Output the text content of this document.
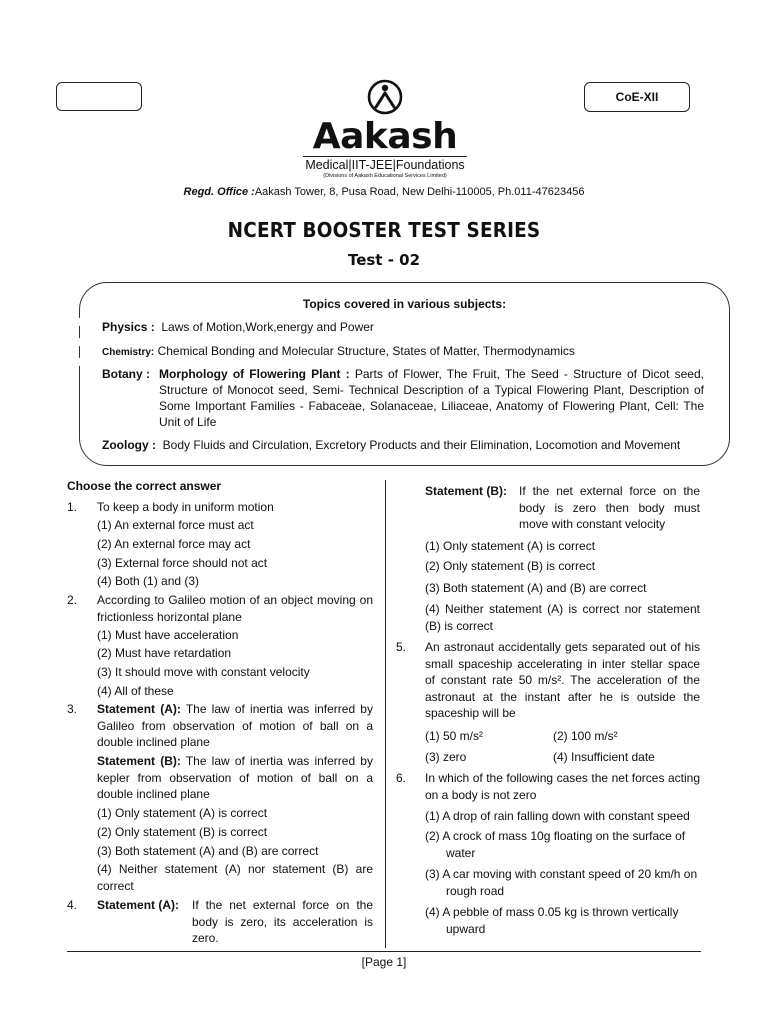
CoE-XII
Aakash
Medical|IIT-JEE|Foundations
(Divisions of Aakash Educational Services Limited)
Regd. Office :Aakash Tower, 8, Pusa Road, New Delhi-110005, Ph.011-47623456
NCERT BOOSTER TEST SERIES
Test - 02
Topics covered in various subjects:
Physics : Laws of Motion,Work,energy and Power
Chemistry: Chemical Bonding and Molecular Structure, States of Matter, Thermodynamics
Botany : Morphology of Flowering Plant : Parts of Flower, The Fruit, The Seed - Structure of Dicot seed, Structure of Monocot seed, Semi- Technical Description of a Typical Flowering Plant, Description of Some Important Families - Fabaceae, Solanaceae, Liliaceae, Anatomy of Flowering Plant, Cell: The Unit of Life
Zoology : Body Fluids and Circulation, Excretory Products and their Elimination, Locomotion and Movement
Choose the correct answer
1. To keep a body in uniform motion
(1) An external force must act
(2) An external force may act
(3) External force should not act
(4) Both (1) and (3)
2. According to Galileo motion of an object moving on frictionless horizontal plane
(1) Must have acceleration
(2) Must have retardation
(3) It should move with constant velocity
(4) All of these
3. Statement (A): The law of inertia was inferred by Galileo from observation of motion of ball on a double inclined plane
Statement (B): The law of inertia was inferred by kepler from observation of motion of ball on a double inclined plane
(1) Only statement (A) is correct
(2) Only statement (B) is correct
(3) Both statement (A) and (B) are correct
(4) Neither statement (A) nor statement (B) are correct
4. Statement (A): If the net external force on the body is zero, its acceleration is zero.
Statement (B): If the net external force on the body is zero then body must move with constant velocity
(1) Only statement (A) is correct
(2) Only statement (B) is correct
(3) Both statement (A) and (B) are correct
(4) Neither statement (A) is correct nor statement (B) is correct
5. An astronaut accidentally gets separated out of his small spaceship accelerating in inter stellar space of constant rate 50 m/s². The acceleration of the astronaut at the instant after he is outside the spaceship will be
(1) 50 m/s²	(2) 100 m/s²
(3) zero	(4) Insufficient date
6. In which of the following cases the net forces acting on a body is not zero
(1) A drop of rain falling down with constant speed
(2) A crock of mass 10g floating on the surface of water
(3) A car moving with constant speed of 20 km/h on rough road
(4) A pebble of mass 0.05 kg is thrown vertically upward
[Page 1]
